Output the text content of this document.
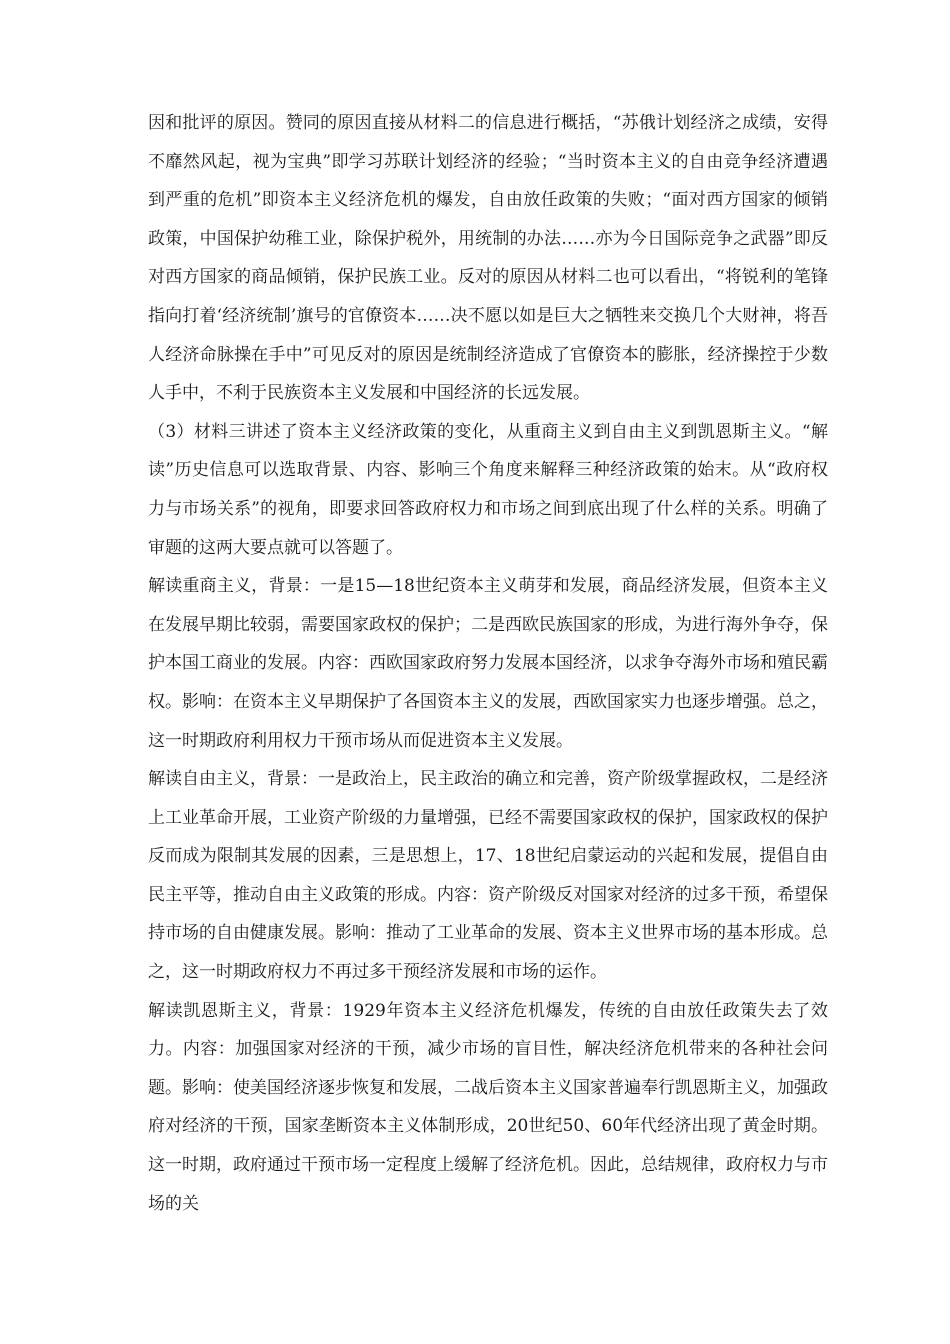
因和批评的原因。赞同的原因直接从材料二的信息进行概括，“苏俄计划经济之成绩，安得不靡然风起，视为宝典”即学习苏联计划经济的经验；“当时资本主义的自由竞争经济遭遇到严重的危机”即资本主义经济危机的爆发，自由放任政策的失败；“面对西方国家的倾销政策，中国保护幼稚工业，除保护税外，用统制的办法……亦为今日国际竞争之武器”即反对西方国家的商品倾销，保护民族工业。反对的原因从材料二也可以看出，“将锐利的笔锋指向打着‘经济统制’旗号的官僚资本……决不愿以如是巨大之牺牲来交换几个大财神，将吾人经济命脉操在手中”可见反对的原因是统制经济造成了官僚资本的膨胀，经济操控于少数人手中，不利于民族资本主义发展和中国经济的长远发展。

（3）材料三讲述了资本主义经济政策的变化，从重商主义到自由主义到凯恩斯主义。“解读”历史信息可以选取背景、内容、影响三个角度来解释三种经济政策的始末。从“政府权力与市场关系”的视角，即要求回答政府权力和市场之间到底出现了什么样的关系。明确了审题的这两大要点就可以答题了。

解读重商主义，背景：一是15—18世纪资本主义萌芽和发展，商品经济发展，但资本主义在发展早期比较弱，需要国家政权的保护；二是西欧民族国家的形成，为进行海外争夺，保护本国工商业的发展。内容：西欧国家政府努力发展本国经济，以求争夺海外市场和殖民霸权。影响：在资本主义早期保护了各国资本主义的发展，西欧国家实力也逐步增强。总之，这一时期政府利用权力干预市场从而促进资本主义发展。

解读自由主义，背景：一是政治上，民主政治的确立和完善，资产阶级掌握政权，二是经济上工业革命开展，工业资产阶级的力量增强，已经不需要国家政权的保护，国家政权的保护反而成为限制其发展的因素，三是思想上，17、18世纪启蒙运动的兴起和发展，提倡自由民主平等，推动自由主义政策的形成。内容：资产阶级反对国家对经济的过多干预，希望保持市场的自由健康发展。影响：推动了工业革命的发展、资本主义世界市场的基本形成。总之，这一时期政府权力不再过多干预经济发展和市场的运作。

解读凯恩斯主义，背景：1929年资本主义经济危机爆发，传统的自由放任政策失去了效力。内容：加强国家对经济的干预，减少市场的盲目性，解决经济危机带来的各种社会问题。影响：使美国经济逐步恢复和发展，二战后资本主义国家普遍奉行凯恩斯主义，加强政府对经济的干预，国家垄断资本主义体制形成，20世纪50、60年代经济出现了黄金时期。这一时期，政府通过干预市场一定程度上缓解了经济危机。因此，总结规律，政府权力与市场的关
